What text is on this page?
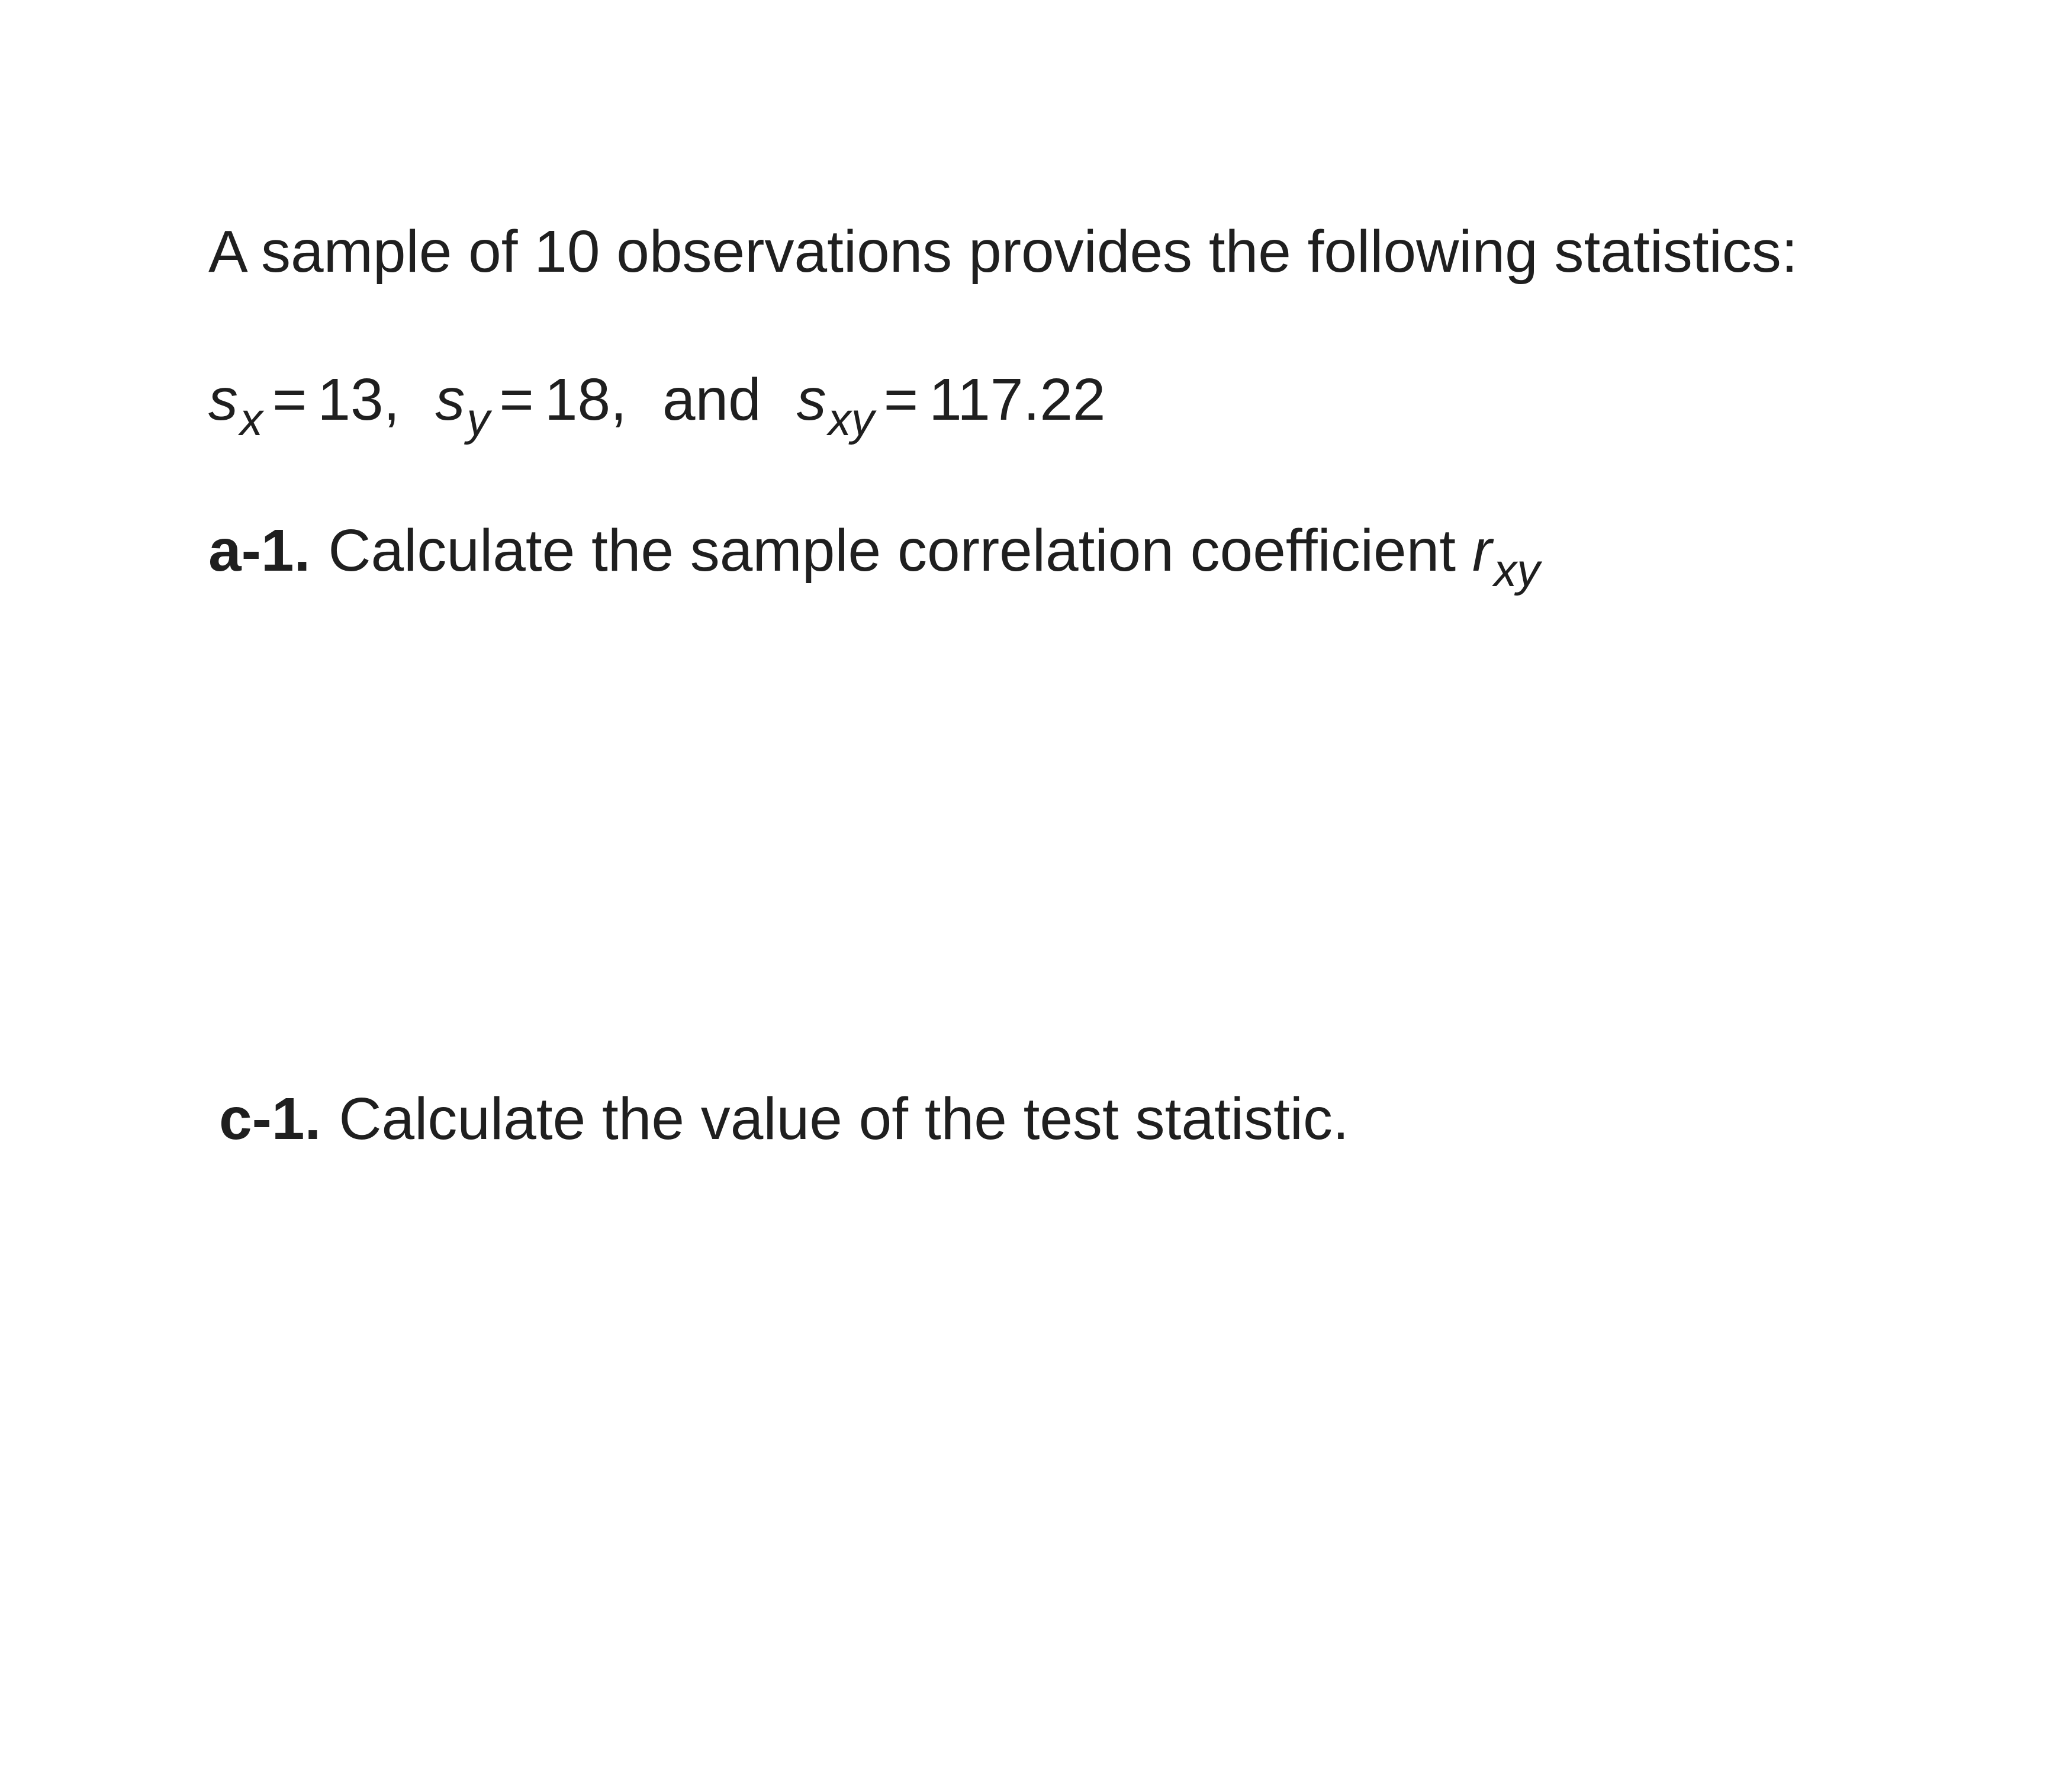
A sample of 10 observations provides the following statistics:
$s_x = 13$, $s_y = 18$, and $s_{xy} = 117.22$
a-1. Calculate the sample correlation coefficient $r_{xy}$
c-1. Calculate the value of the test statistic.
